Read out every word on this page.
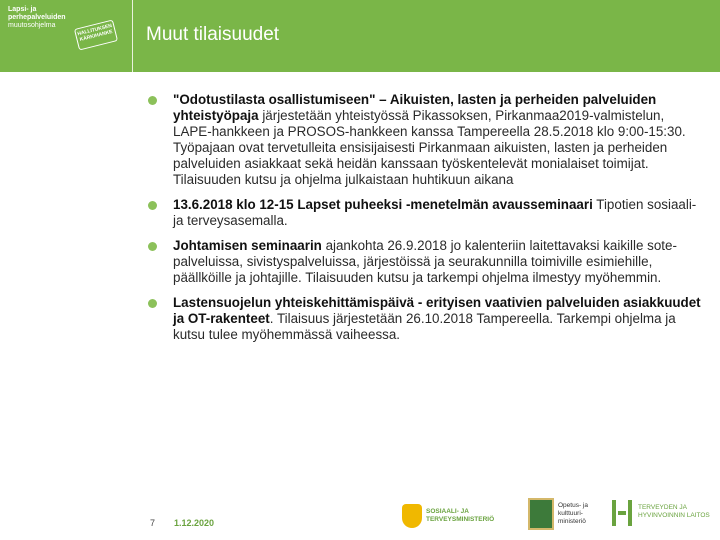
Lapsi- ja
perhepalveluiden
muutosohjelma	HALLITUKSEN KÄRKIHANKE Muut tilaisuudet
"Odotustilasta osallistumiseen" – Aikuisten, lasten ja perheiden palveluiden yhteistyöpaja järjestetään yhteistyössä Pikassoksen, Pirkanmaa2019-valmistelun, LAPE-hankkeen ja PROSOS-hankkeen kanssa Tampereella 28.5.2018 klo 9:00-15:30. Työpajaan ovat tervetulleita ensisijaisesti Pirkanmaan aikuisten, lasten ja perheiden palveluiden asiakkaat sekä heidän kanssaan työskentelevät monialaiset toimijat. Tilaisuuden kutsu ja ohjelma julkaistaan huhtikuun aikana
13.6.2018 klo 12-15 Lapset puheeksi -menetelmän avausseminaari Tipotien sosiaali- ja terveysasemalla.
Johtamisen seminaarin ajankohta 26.9.2018 jo kalenteriin laitettavaksi kaikille sote-palveluissa, sivistyspalveluissa, järjestöissä ja seurakunnilla toimiville esimiehille, päällköille ja johtajille. Tilaisuuden kutsu ja tarkempi ohjelma ilmestyy myöhemmin.
Lastensuojelun yhteiskehittämispäivä - erityisen vaativien palveluiden asiakkuudet ja OT-rakenteet. Tilaisuus järjestetään 26.10.2018 Tampereella. Tarkempi ohjelma ja kutsu tulee myöhemmässä vaiheessa.
7 1.12.2020
SOSIAALI- JA
TERVEYSMINISTERIÖ
Opetus- ja
kulttuuri-
ministeriö
TERVEYDEN JA
HYVINVOINNIN LAITOS
